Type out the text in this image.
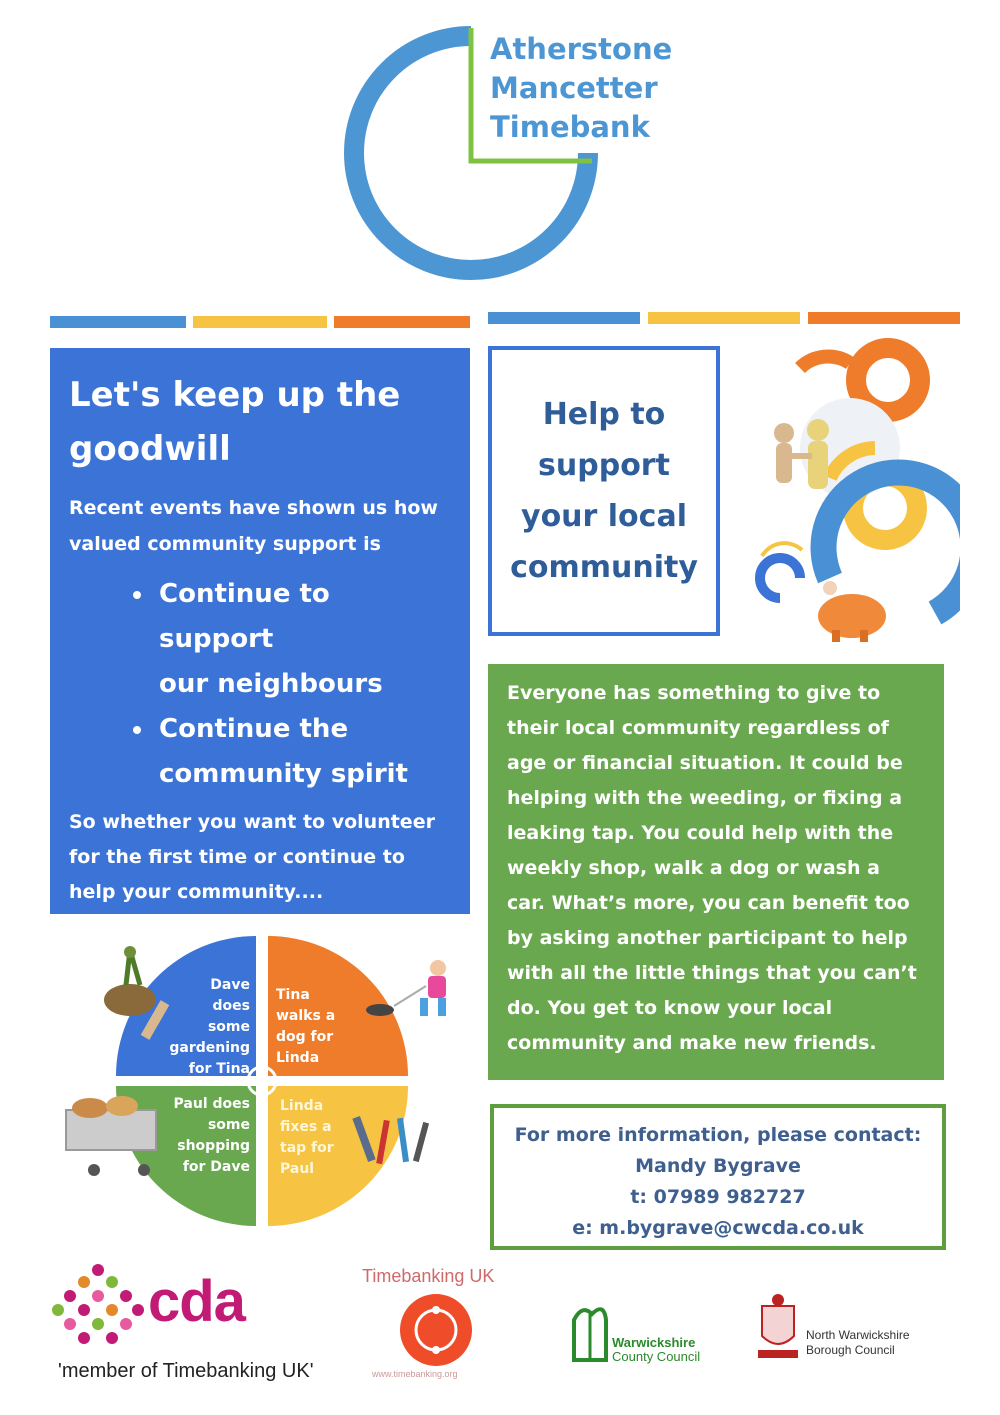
Atherstone
Mancetter
Timebank
Let's keep up the
goodwill
Recent events have shown us how
valued community support is
• Continue to support
our neighbours
• Continue the
community spirit
So whether you want to volunteer
for the first time or continue to
help your community....
Help to
support
your local
community
Everyone has something to give to
their local community regardless of
age or financial situation. It could be
helping with the weeding, or fixing a
leaking tap. You could help with the
weekly shop, walk a dog or wash a
car. What’s more, you can benefit too
by asking another participant to help
with all the little things that you can’t
do. You get to know your local
community and make new friends.
For more information, please contact:
Mandy Bygrave
t: 07989 982727
e: m.bygrave@cwcda.co.uk
Dave
does
some
gardening
for Tina
Tina
walks a
dog for
Linda
Paul does
some
shopping
for Dave
Linda
fixes a
tap for
Paul
cda
'member of Timebanking UK'
Timebanking UK
www.timebanking.org
Warwickshire
County Council
North Warwickshire
Borough Council
